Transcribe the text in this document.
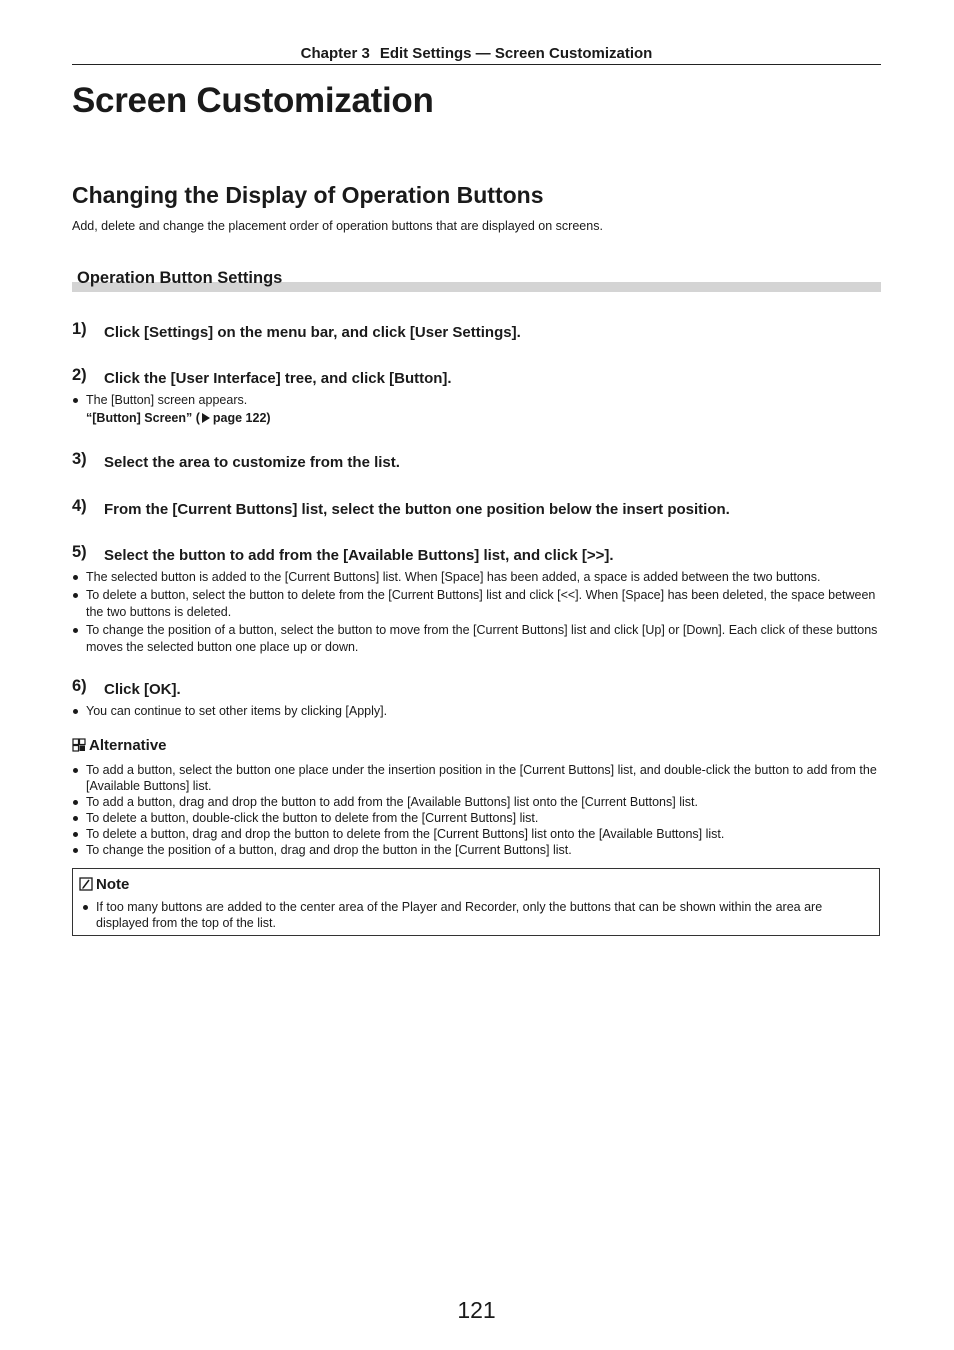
Chapter 3 Edit Settings — Screen Customization
Screen Customization
Changing the Display of Operation Buttons

Add, delete and change the placement order of operation buttons that are displayed on screens.

Operation Button Settings
1) Click [Settings] on the menu bar, and click [User Settings].
2) Click the [User Interface] tree, and click [Button].
The [Button] screen appears.
“[Button] Screen” ( page 122)
3) Select the area to customize from the list.
4) From the [Current Buttons] list, select the button one position below the insert position.
5) Select the button to add from the [Available Buttons] list, and click [>>].
The selected button is added to the [Current Buttons] list. When [Space] has been added, a space is added between the two buttons.
To delete a button, select the button to delete from the [Current Buttons] list and click [<<]. When [Space] has been deleted, the space between the two buttons is deleted.
To change the position of a button, select the button to move from the [Current Buttons] list and click [Up] or [Down]. Each click of these buttons moves the selected button one place up or down.
6) Click [OK].
You can continue to set other items by clicking [Apply].
Alternative
To add a button, select the button one place under the insertion position in the [Current Buttons] list, and double-click the button to add from the [Available Buttons] list.
To add a button, drag and drop the button to add from the [Available Buttons] list onto the [Current Buttons] list.
To delete a button, double-click the button to delete from the [Current Buttons] list.
To delete a button, drag and drop the button to delete from the [Current Buttons] list onto the [Available Buttons] list.
To change the position of a button, drag and drop the button in the [Current Buttons] list.
Note
If too many buttons are added to the center area of the Player and Recorder, only the buttons that can be shown within the area are displayed from the top of the list.
121
